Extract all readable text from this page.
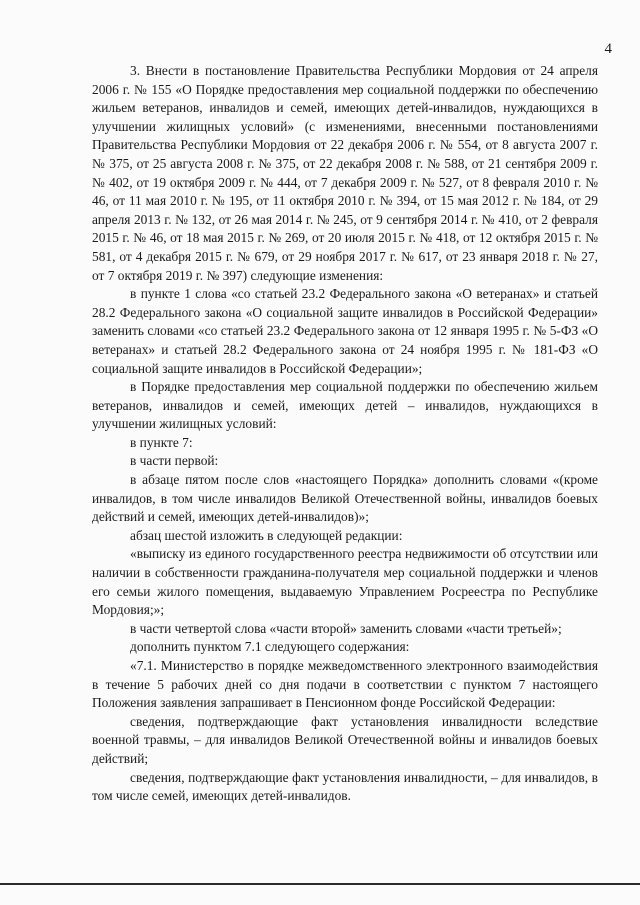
4

3. Внести в постановление Правительства Республики Мордовия от 24 апреля 2006 г. № 155 «О Порядке предоставления мер социальной поддержки по обеспечению жильем ветеранов, инвалидов и семей, имеющих детей-инвалидов, нуждающихся в улучшении жилищных условий» (с изменениями, внесенными постановлениями Правительства Республики Мордовия от 22 декабря 2006 г. № 554, от 8 августа 2007 г. № 375, от 25 августа 2008 г. № 375, от 22 декабря 2008 г. № 588, от 21 сентября 2009 г. № 402, от 19 октября 2009 г. № 444, от 7 декабря 2009 г. № 527, от 8 февраля 2010 г. № 46, от 11 мая 2010 г. № 195, от 11 октября 2010 г. № 394, от 15 мая 2012 г. № 184, от 29 апреля 2013 г. № 132, от 26 мая 2014 г. № 245, от 9 сентября 2014 г. № 410, от 2 февраля 2015 г. № 46, от 18 мая 2015 г. № 269, от 20 июля 2015 г. № 418, от 12 октября 2015 г. № 581, от 4 декабря 2015 г. № 679, от 29 ноября 2017 г. № 617, от 23 января 2018 г. № 27, от 7 октября 2019 г. № 397) следующие изменения:

в пункте 1 слова «со статьей 23.2 Федерального закона «О ветеранах» и статьей 28.2 Федерального закона «О социальной защите инвалидов в Российской Федерации» заменить словами «со статьей 23.2 Федерального закона от 12 января 1995 г. № 5-ФЗ «О ветеранах» и статьей 28.2 Федерального закона от 24 ноября 1995 г. № 181-ФЗ «О социальной защите инвалидов в Российской Федерации»;

в Порядке предоставления мер социальной поддержки по обеспечению жильем ветеранов, инвалидов и семей, имеющих детей – инвалидов, нуждающихся в улучшении жилищных условий:

в пункте 7:

в части первой:

в абзаце пятом после слов «настоящего Порядка» дополнить словами «(кроме инвалидов, в том числе инвалидов Великой Отечественной войны, инвалидов боевых действий и семей, имеющих детей-инвалидов)»;

абзац шестой изложить в следующей редакции:

«выписку из единого государственного реестра недвижимости об отсутствии или наличии в собственности гражданина-получателя мер социальной поддержки и членов его семьи жилого помещения, выдаваемую Управлением Росреестра по Республике Мордовия;»;

в части четвертой слова «части второй» заменить словами «части третьей»;

дополнить пунктом 7.1 следующего содержания:

«7.1. Министерство в порядке межведомственного электронного взаимодействия в течение 5 рабочих дней со дня подачи в соответствии с пунктом 7 настоящего Положения заявления запрашивает в Пенсионном фонде Российской Федерации:

сведения, подтверждающие факт установления инвалидности вследствие военной травмы, – для инвалидов Великой Отечественной войны и инвалидов боевых действий;

сведения, подтверждающие факт установления инвалидности, – для инвалидов, в том числе семей, имеющих детей-инвалидов.
